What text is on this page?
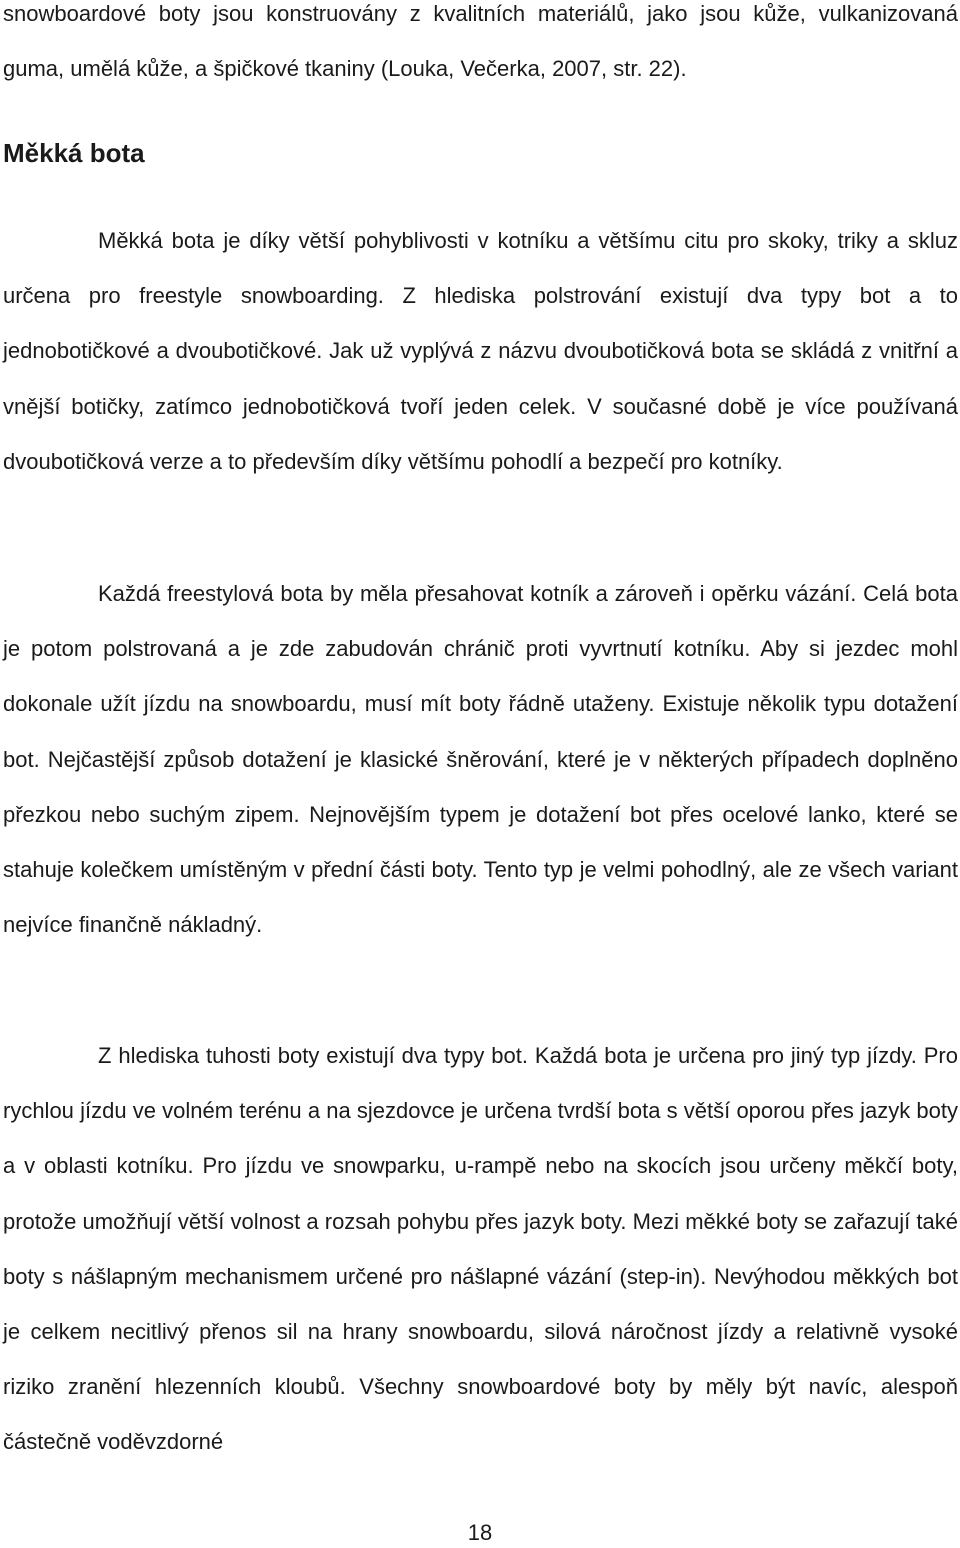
snowboardové boty jsou konstruovány z kvalitních materiálů, jako jsou kůže, vulkanizovaná guma, umělá kůže, a špičkové tkaniny (Louka, Večerka, 2007, str. 22).

Měkká bota

Měkká bota je díky větší pohyblivosti v kotníku a většímu citu pro skoky, triky a skluz určena pro freestyle snowboarding. Z hlediska polstrování existují dva typy bot a to jednobotičkové a dvoubotičkové. Jak už vyplývá z názvu dvoubotičková bota se skládá z vnitřní a vnější botičky, zatímco jednobotičková tvoří jeden celek. V současné době je více používaná dvoubotičková verze a to především díky většímu pohodlí a bezpečí pro kotníky.

Každá freestylová bota by měla přesahovat kotník a zároveň i opěrku vázání. Celá bota je potom polstrovaná a je zde zabudován chránič proti vyvrtnutí kotníku. Aby si jezdec mohl dokonale užít jízdu na snowboardu, musí mít boty řádně utaženy. Existuje několik typu dotažení bot. Nejčastější způsob dotažení je klasické šněrování, které je v některých případech doplněno přezkou nebo suchým zipem. Nejnovějším typem je dotažení bot přes ocelové lanko, které se stahuje kolečkem umístěným v přední části boty. Tento typ je velmi pohodlný, ale ze všech variant nejvíce finančně nákladný.

Z hlediska tuhosti boty existují dva typy bot. Každá bota je určena pro jiný typ jízdy. Pro rychlou jízdu ve volném terénu a na sjezdovce je určena tvrdší bota s větší oporou přes jazyk boty a v oblasti kotníku. Pro jízdu ve snowparku, u-rampě nebo na skocích jsou určeny měkčí boty, protože umožňují větší volnost a rozsah pohybu přes jazyk boty. Mezi měkké boty se zařazují také boty s nášlapným mechanismem určené pro nášlapné vázání (step-in). Nevýhodou měkkých bot je celkem necitlivý přenos sil na hrany snowboardu, silová náročnost jízdy a relativně vysoké riziko zranění hlezenních kloubů. Všechny snowboardové boty by měly být navíc, alespoň částečně voděvzdorné

18
